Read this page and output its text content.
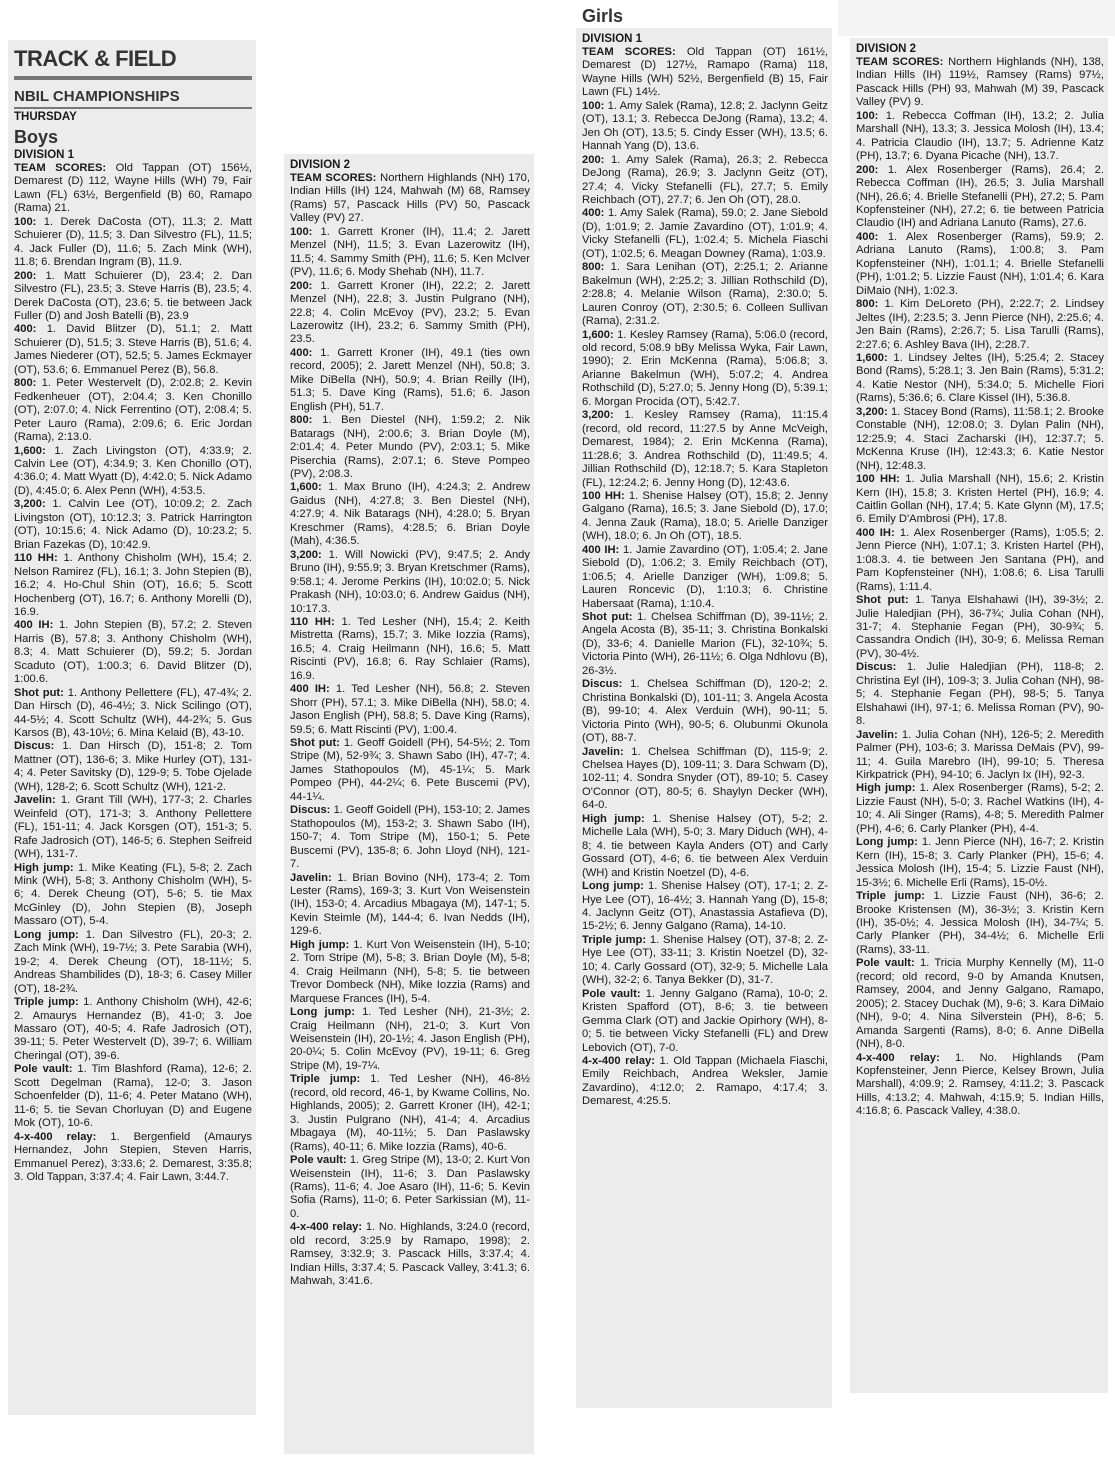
TRACK & FIELD
NBIL CHAMPIONSHIPS
THURSDAY
Boys
DIVISION 1

TEAM SCORES: Old Tappan (OT) 156½, Demarest (D) 112, Wayne Hills (WH) 79, Fair Lawn (FL) 63½, Bergenfield (B) 60, Ramapo (Rama) 21.

100: 1. Derek DaCosta (OT), 11.3; 2. Matt Schuierer (D), 11.5; 3. Dan Silvestro (FL), 11.5; 4. Jack Fuller (D), 11.6; 5. Zach Mink (WH), 11.8; 6. Brendan Ingram (B), 11.9.

200: 1. Matt Schuierer (D), 23.4; 2. Dan Silvestro (FL), 23.5; 3. Steve Harris (B), 23.5; 4. Derek DaCosta (OT), 23.6; 5. tie between Jack Fuller (D) and Josh Batelli (B), 23.9

400: 1. David Blitzer (D), 51.1; 2. Matt Schuierer (D), 51.5; 3. Steve Harris (B), 51.6; 4. James Niederer (OT), 52.5; 5. James Eckmayer (OT), 53.6; 6. Emmanuel Perez (B), 56.8.

800: 1. Peter Westervelt (D), 2:02.8; 2. Kevin Fedkenheuer (OT), 2:04.4; 3. Ken Chonillo (OT), 2:07.0; 4. Nick Ferrentino (OT), 2:08.4; 5. Peter Lauro (Rama), 2:09.6; 6. Eric Jordan (Rama), 2:13.0.

1,600: 1. Zach Livingston (OT), 4:33.9; 2. Calvin Lee (OT), 4:34.9; 3. Ken Chonillo (OT), 4:36.0; 4. Matt Wyatt (D), 4:42.0; 5. Nick Adamo (D), 4:45.0; 6. Alex Penn (WH), 4:53.5.

3,200: 1. Calvin Lee (OT), 10:09.2; 2. Zach Livingston (OT), 10:12.3; 3. Patrick Harrington (OT), 10:15.6; 4. Nick Adamo (D), 10:23.2; 5. Brian Fazekas (D), 10:42.9.

110 HH: 1. Anthony Chisholm (WH), 15.4; 2. Nelson Ramirez (FL), 16.1; 3. John Stepien (B), 16.2; 4. Ho-Chul Shin (OT), 16.6; 5. Scott Hochenberg (OT), 16.7; 6. Anthony Morelli (D), 16.9.

400 IH: 1. John Stepien (B), 57.2; 2. Steven Harris (B), 57.8; 3. Anthony Chisholm (WH), 8.3; 4. Matt Schuierer (D), 59.2; 5. Jordan Scaduto (OT), 1:00.3; 6. David Blitzer (D), 1:00.6.

Shot put: 1. Anthony Pellettere (FL), 47-4¾; 2. Dan Hirsch (D), 46-4½; 3. Nick Scilingo (OT), 44-5½; 4. Scott Schultz (WH), 44-2¾; 5. Gus Karsos (B), 43-10½; 6. Mina Kelaid (B), 43-10.

Discus: 1. Dan Hirsch (D), 151-8; 2. Tom Mattner (OT), 136-6; 3. Mike Hurley (OT), 131-4; 4. Peter Savitsky (D), 129-9; 5. Tobe Ojelade (WH), 128-2; 6. Scott Schultz (WH), 121-2.

Javelin: 1. Grant Till (WH), 177-3; 2. Charles Weinfeld (OT), 171-3; 3. Anthony Pellettere (FL), 151-11; 4. Jack Korsgen (OT), 151-3; 5. Rafe Jadrosich (OT), 146-5; 6. Stephen Seifreid (WH), 131-7.

High jump: 1. Mike Keating (FL), 5-8; 2. Zach Mink (WH), 5-8; 3. Anthony Chisholm (WH), 5-6; 4. Derek Cheung (OT), 5-6; 5. tie Max McGinley (D), John Stepien (B), Joseph Massaro (OT), 5-4.

Long jump: 1. Dan Silvestro (FL), 20-3; 2. Zach Mink (WH), 19-7½; 3. Pete Sarabia (WH), 19-2; 4. Derek Cheung (OT), 18-11½; 5. Andreas Shambilides (D), 18-3; 6. Casey Miller (OT), 18-2¾.

Triple jump: 1. Anthony Chisholm (WH), 42-6; 2. Amaurys Hernandez (B), 41-0; 3. Joe Massaro (OT), 40-5; 4. Rafe Jadrosich (OT), 39-11; 5. Peter Westervelt (D), 39-7; 6. William Cheringal (OT), 39-6.

Pole vault: 1. Tim Blashford (Rama), 12-6; 2. Scott Degelman (Rama), 12-0; 3. Jason Schoenfelder (D), 11-6; 4. Peter Matano (WH), 11-6; 5. tie Sevan Chorluyan (D) and Eugene Mok (OT), 10-6.

4-x-400 relay: 1. Bergenfield (Amaurys Hernandez, John Stepien, Steven Harris, Emmanuel Perez), 3:33.6; 2. Demarest, 3:35.8; 3. Old Tappan, 3:37.4; 4. Fair Lawn, 3:44.7.

DIVISION 2

TEAM SCORES: Northern Highlands (NH) 170, Indian Hills (IH) 124, Mahwah (M) 68, Ramsey (Rams) 57, Pascack Hills (PV) 50, Pascack Valley (PV) 27.

100: 1. Garrett Kroner (IH), 11.4; 2. Jarett Menzel (NH), 11.5; 3. Evan Lazerowitz (IH), 11.5; 4. Sammy Smith (PH), 11.6; 5. Ken McIver (PV), 11.6; 6. Mody Shehab (NH), 11.7.

200: 1. Garrett Kroner (IH), 22.2; 2. Jarett Menzel (NH), 22.8; 3. Justin Pulgrano (NH), 22.8; 4. Colin McEvoy (PV), 23.2; 5. Evan Lazerowitz (IH), 23.2; 6. Sammy Smith (PH), 23.5.

400: 1. Garrett Kroner (IH), 49.1 (ties own record, 2005); 2. Jarett Menzel (NH), 50.8; 3. Mike DiBella (NH), 50.9; 4. Brian Reilly (IH), 51.3; 5. Dave King (Rams), 51.6; 6. Jason English (PH), 51.7.

800: 1. Ben Diestel (NH), 1:59.2; 2. Nik Batarags (NH), 2:00.6; 3. Brian Doyle (M), 2:01.4; 4. Peter Mundo (PV), 2:03.1; 5. Mike Piserchia (Rams), 2:07.1; 6. Steve Pompeo (PV), 2:08.3.

1,600: 1. Max Bruno (IH), 4:24.3; 2. Andrew Gaidus (NH), 4:27.8; 3. Ben Diestel (NH), 4:27.9; 4. Nik Batarags (NH), 4:28.0; 5. Bryan Kreschmer (Rams), 4:28.5; 6. Brian Doyle (Mah), 4:36.5.

3,200: 1. Will Nowicki (PV), 9:47.5; 2. Andy Bruno (IH), 9:55.9; 3. Bryan Kretschmer (Rams), 9:58.1; 4. Jerome Perkins (IH), 10:02.0; 5. Nick Prakash (NH), 10:03.0; 6. Andrew Gaidus (NH), 10:17.3.

110 HH: 1. Ted Lesher (NH), 15.4; 2. Keith Mistretta (Rams), 15.7; 3. Mike Iozzia (Rams), 16.5; 4. Craig Heilmann (NH), 16.6; 5. Matt Riscinti (PV), 16.8; 6. Ray Schlaier (Rams), 16.9.

400 IH: 1. Ted Lesher (NH), 56.8; 2. Steven Shorr (PH), 57.1; 3. Mike DiBella (NH), 58.0; 4. Jason English (PH), 58.8; 5. Dave King (Rams), 59.5; 6. Matt Riscinti (PV), 1:00.4.

Shot put: 1. Geoff Goidell (PH), 54-5½; 2. Tom Stripe (M), 52-9¾; 3. Shawn Sabo (IH), 47-7; 4. James Stathopoulos (M), 45-1¼; 5. Mark Pompeo (PH), 44-2¼; 6. Pete Buscemi (PV), 44-1¼.

Discus: 1. Geoff Goidell (PH), 153-10; 2. James Stathopoulos (M), 153-2; 3. Shawn Sabo (IH), 150-7; 4. Tom Stripe (M), 150-1; 5. Pete Buscemi (PV), 135-8; 6. John Lloyd (NH), 121-7.

Javelin: 1. Brian Bovino (NH), 173-4; 2. Tom Lester (Rams), 169-3; 3. Kurt Von Weisenstein (IH), 153-0; 4. Arcadius Mbagaya (M), 147-1; 5. Kevin Steimle (M), 144-4; 6. Ivan Nedds (IH), 129-6.

High jump: 1. Kurt Von Weisenstein (IH), 5-10; 2. Tom Stripe (M), 5-8; 3. Brian Doyle (M), 5-8; 4. Craig Heilmann (NH), 5-8; 5. tie between Trevor Dombeck (NH), Mike Iozzia (Rams) and Marquese Frances (IH), 5-4.

Long jump: 1. Ted Lesher (NH), 21-3½; 2. Craig Heilmann (NH), 21-0; 3. Kurt Von Weisenstein (IH), 20-1½; 4. Jason English (PH), 20-0¼; 5. Colin McEvoy (PV), 19-11; 6. Greg Stripe (M), 19-7¼.

Triple jump: 1. Ted Lesher (NH), 46-8½ (record, old record, 46-1, by Kwame Collins, No. Highlands, 2005); 2. Garrett Kroner (IH), 42-1; 3. Justin Pulgrano (NH), 41-4; 4. Arcadius Mbagaya (M), 40-11½; 5. Dan Paslawsky (Rams), 40-11; 6. Mike Iozzia (Rams), 40-6.

Pole vault: 1. Greg Stripe (M), 13-0; 2. Kurt Von Weisenstein (IH), 11-6; 3. Dan Paslawsky (Rams), 11-6; 4. Joe Asaro (IH), 11-6; 5. Kevin Sofia (Rams), 11-0; 6. Peter Sarkissian (M), 11-0.

4-x-400 relay: 1. No. Highlands, 3:24.0 (record, old record, 3:25.9 by Ramapo, 1998); 2. Ramsey, 3:32.9; 3. Pascack Hills, 3:37.4; 4. Indian Hills, 3:37.4; 5. Pascack Valley, 3:41.3; 6. Mahwah, 3:41.6.

Girls
DIVISION 1

TEAM SCORES: Old Tappan (OT) 161½, Demarest (D) 127½, Ramapo (Rama) 118, Wayne Hills (WH) 52½, Bergenfield (B) 15, Fair Lawn (FL) 14½.

100: 1. Amy Salek (Rama), 12.8; 2. Jaclynn Geitz (OT), 13.1; 3. Rebecca DeJong (Rama), 13.2; 4. Jen Oh (OT), 13.5; 5. Cindy Esser (WH), 13.5; 6. Hannah Yang (D), 13.6.

200: 1. Amy Salek (Rama), 26.3; 2. Rebecca DeJong (Rama), 26.9; 3. Jaclynn Geitz (OT), 27.4; 4. Vicky Stefanelli (FL), 27.7; 5. Emily Reichbach (OT), 27.7; 6. Jen Oh (OT), 28.0.

400: 1. Amy Salek (Rama), 59.0; 2. Jane Siebold (D), 1:01.9; 2. Jamie Zavardino (OT), 1:01.9; 4. Vicky Stefanelli (FL), 1:02.4; 5. Michela Fiaschi (OT), 1:02.5; 6. Meagan Downey (Rama), 1:03.9.

800: 1. Sara Lenihan (OT), 2:25.1; 2. Arianne Bakelmun (WH), 2:25.2; 3. Jillian Rothschild (D), 2:28.8; 4. Melanie Wilson (Rama), 2:30.0; 5. Lauren Conroy (OT), 2:30.5; 6. Colleen Sullivan (Rama), 2:31.2.

1,600: 1. Kesley Ramsey (Rama), 5:06.0 (record, old record, 5:08.9 bBy Melissa Wyka, Fair Lawn, 1990); 2. Erin McKenna (Rama), 5:06.8; 3. Arianne Bakelmun (WH), 5:07.2; 4. Andrea Rothschild (D), 5:27.0; 5. Jenny Hong (D), 5:39.1; 6. Morgan Procida (OT), 5:42.7.

3,200: 1. Kesley Ramsey (Rama), 11:15.4 (record, old record, 11:27.5 by Anne McVeigh, Demarest, 1984); 2. Erin McKenna (Rama), 11:28.6; 3. Andrea Rothschild (D), 11:49.5; 4. Jillian Rothschild (D), 12:18.7; 5. Kara Stapleton (FL), 12:24.2; 6. Jenny Hong (D), 12:43.6.

100 HH: 1. Shenise Halsey (OT), 15.8; 2. Jenny Galgano (Rama), 16.5; 3. Jane Siebold (D), 17.0; 4. Jenna Zauk (Rama), 18.0; 5. Arielle Danziger (WH), 18.0; 6. Jn Oh (OT), 18.5.

400 IH: 1. Jamie Zavardino (OT), 1:05.4; 2. Jane Siebold (D), 1:06.2; 3. Emily Reichbach (OT), 1:06.5; 4. Arielle Danziger (WH), 1:09.8; 5. Lauren Roncevic (D), 1:10.3; 6. Christine Habersaat (Rama), 1:10.4.

Shot put: 1. Chelsea Schiffman (D), 39-11½; 2. Angela Acosta (B), 35-11; 3. Christina Bonkalski (D), 33-6; 4. Danielle Marion (FL), 32-10¾; 5. Victoria Pinto (WH), 26-11½; 6. Olga Ndhlovu (B), 26-3½.

Discus: 1. Chelsea Schiffman (D), 120-2; 2. Christina Bonkalski (D), 101-11; 3. Angela Acosta (B), 99-10; 4. Alex Verduin (WH), 90-11; 5. Victoria Pinto (WH), 90-5; 6. Olubunmi Okunola (OT), 88-7.

Javelin: 1. Chelsea Schiffman (D), 115-9; 2. Chelsea Hayes (D), 109-11; 3. Dara Schwam (D), 102-11; 4. Sondra Snyder (OT), 89-10; 5. Casey O'Connor (OT), 80-5; 6. Shaylyn Decker (WH), 64-0.

High jump: 1. Shenise Halsey (OT), 5-2; 2. Michelle Lala (WH), 5-0; 3. Mary Diduch (WH), 4-8; 4. tie between Kayla Anders (OT) and Carly Gossard (OT), 4-6; 6. tie between Alex Verduin (WH) and Kristin Noetzel (D), 4-6.

Long jump: 1. Shenise Halsey (OT), 17-1; 2. Z-Hye Lee (OT), 16-4½; 3. Hannah Yang (D), 15-8; 4. Jaclynn Geitz (OT), Anastassia Astafieva (D), 15-2½; 6. Jenny Galgano (Rama), 14-10.

Triple jump: 1. Shenise Halsey (OT), 37-8; 2. Z-Hye Lee (OT), 33-11; 3. Kristin Noetzel (D), 32-10; 4. Carly Gossard (OT), 32-9; 5. Michelle Lala (WH), 32-2; 6. Tanya Bekker (D), 31-7.

Pole vault: 1. Jenny Galgano (Rama), 10-0; 2. Kristen Spafford (OT), 8-6; 3. tie between Gemma Clark (OT) and Jackie Opirhory (WH), 8-0; 5. tie between Vicky Stefanelli (FL) and Drew Lebovich (OT), 7-0.

4-x-400 relay: 1. Old Tappan (Michaela Fiaschi, Emily Reichbach, Andrea Weksler, Jamie Zavardino), 4:12.0; 2. Ramapo, 4:17.4; 3. Demarest, 4:25.5.

DIVISION 2

TEAM SCORES: Northern Highlands (NH), 138, Indian Hills (IH) 119½, Ramsey (Rams) 97½, Pascack Hills (PH) 93, Mahwah (M) 39, Pascack Valley (PV) 9.

100: 1. Rebecca Coffman (IH), 13.2; 2. Julia Marshall (NH), 13.3; 3. Jessica Molosh (IH), 13.4; 4. Patricia Claudio (IH), 13.7; 5. Adrienne Katz (PH), 13.7; 6. Dyana Picache (NH), 13.7.

200: 1. Alex Rosenberger (Rams), 26.4; 2. Rebecca Coffman (IH), 26.5; 3. Julia Marshall (NH), 26.6; 4. Brielle Stefanelli (PH), 27.2; 5. Pam Kopfensteiner (NH), 27.2; 6. tie between Patricia Claudio (IH) and Adriana Lanuto (Rams), 27.6.

400: 1. Alex Rosenberger (Rams), 59.9; 2. Adriana Lanuto (Rams), 1:00.8; 3. Pam Kopfensteiner (NH), 1:01.1; 4. Brielle Stefanelli (PH), 1:01.2; 5. Lizzie Faust (NH), 1:01.4; 6. Kara DiMaio (NH), 1:02.3.

800: 1. Kim DeLoreto (PH), 2:22.7; 2. Lindsey Jeltes (IH), 2:23.5; 3. Jenn Pierce (NH), 2:25.6; 4. Jen Bain (Rams), 2:26.7; 5. Lisa Tarulli (Rams), 2:27.6; 6. Ashley Bava (IH), 2:28.7.

1,600: 1. Lindsey Jeltes (IH), 5:25.4; 2. Stacey Bond (Rams), 5:28.1; 3. Jen Bain (Rams), 5:31.2; 4. Katie Nestor (NH), 5:34.0; 5. Michelle Fiori (Rams), 5:36.6; 6. Clare Kissel (IH), 5:36.8.

3,200: 1. Stacey Bond (Rams), 11:58.1; 2. Brooke Constable (NH), 12:08.0; 3. Dylan Palin (NH), 12:25.9; 4. Staci Zacharski (IH), 12:37.7; 5. McKenna Kruse (IH), 12:43.3; 6. Katie Nestor (NH), 12:48.3.

100 HH: 1. Julia Marshall (NH), 15.6; 2. Kristin Kern (IH), 15.8; 3. Kristen Hertel (PH), 16.9; 4. Caitlin Gollan (NH), 17.4; 5. Kate Glynn (M), 17.5; 6. Emily D'Ambrosi (PH), 17.8.

400 IH: 1. Alex Rosenberger (Rams), 1:05.5; 2. Jenn Pierce (NH), 1:07.1; 3. Kristen Hartel (PH), 1:08.3. 4. tie between Jen Santana (PH), and Pam Kopfensteiner (NH), 1:08.6; 6. Lisa Tarulli (Rams), 1:11.4.

Shot put: 1. Tanya Elshahawi (IH), 39-3½; 2. Julie Haledjian (PH), 36-7¾; Julia Cohan (NH), 31-7; 4. Stephanie Fegan (PH), 30-9¾; 5. Cassandra Ondich (IH), 30-9; 6. Melissa Reman (PV), 30-4½.

Discus: 1. Julie Haledjian (PH), 118-8; 2. Christina Eyl (IH), 109-3; 3. Julia Cohan (NH), 98-5; 4. Stephanie Fegan (PH), 98-5; 5. Tanya Elshahawi (IH), 97-1; 6. Melissa Roman (PV), 90-8.

Javelin: 1. Julia Cohan (NH), 126-5; 2. Meredith Palmer (PH), 103-6; 3. Marissa DeMais (PV), 99-11; 4. Guila Marebro (IH), 99-10; 5. Theresa Kirkpatrick (PH), 94-10; 6. Jaclyn Ix (IH), 92-3.

High jump: 1. Alex Rosenberger (Rams), 5-2; 2. Lizzie Faust (NH), 5-0; 3. Rachel Watkins (IH), 4-10; 4. Ali Singer (Rams), 4-8; 5. Meredith Palmer (PH), 4-6; 6. Carly Planker (PH), 4-4.

Long jump: 1. Jenn Pierce (NH), 16-7; 2. Kristin Kern (IH), 15-8; 3. Carly Planker (PH), 15-6; 4. Jessica Molosh (IH), 15-4; 5. Lizzie Faust (NH), 15-3½; 6. Michelle Erli (Rams), 15-0½.

Triple jump: 1. Lizzie Faust (NH), 36-6; 2. Brooke Kristensen (M), 36-3½; 3. Kristin Kern (IH), 35-0½; 4. Jessica Molosh (IH), 34-7¼; 5. Carly Planker (PH), 34-4½; 6. Michelle Erli (Rams), 33-11.

Pole vault: 1. Tricia Murphy Kennelly (M), 11-0 (record; old record, 9-0 by Amanda Knutsen, Ramsey, 2004, and Jenny Galgano, Ramapo, 2005); 2. Stacey Duchak (M), 9-6; 3. Kara DiMaio (NH), 9-0; 4. Nina Silverstein (PH), 8-6; 5. Amanda Sargenti (Rams), 8-0; 6. Anne DiBella (NH), 8-0.

4-x-400 relay: 1. No. Highlands (Pam Kopfensteiner, Jenn Pierce, Kelsey Brown, Julia Marshall), 4:09.9; 2. Ramsey, 4:11.2; 3. Pascack Hills, 4:13.2; 4. Mahwah, 4:15.9; 5. Indian Hills, 4:16.8; 6. Pascack Valley, 4:38.0.
